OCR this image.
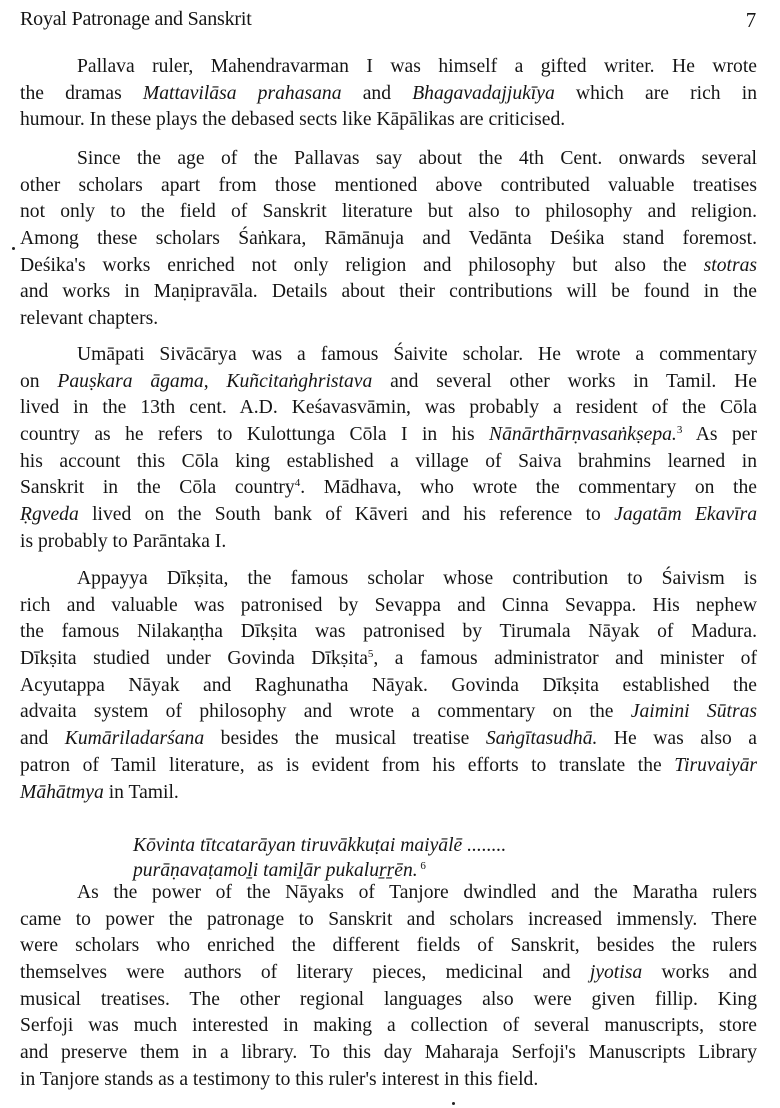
Royal Patronage and Sanskrit	7
Pallava ruler, Mahendravarman I was himself a gifted writer. He wrote
the dramas Mattavilāsa prahasana and Bhagavadajjukīya which are rich in
humour. In these plays the debased sects like Kāpālikas are criticised.
Since the age of the Pallavas say about the 4th Cent. onwards several
other scholars apart from those mentioned above contributed valuable treatises
not only to the field of Sanskrit literature but also to philosophy and religion.
Among these scholars Śaṅkara, Rāmānuja and Vedānta Deśika stand foremost.
Deśika's works enriched not only religion and philosophy but also the stotras
and works in Maṇipravāla. Details about their contributions will be found in the
relevant chapters.
Umāpati Sivācārya was a famous Śaivite scholar. He wrote a commentary
on Pauṣkara āgama, Kuñcitaṅghristava and several other works in Tamil. He
lived in the 13th cent. A.D. Keśavasvāmin, was probably a resident of the Cōla
country as he refers to Kulottunga Cōla I in his Nānārthārṇvasaṅkṣepa.$^3$ As per
his account this Cōla king established a village of Saiva brahmins learned in
Sanskrit in the Cōla country$^4$. Mādhava, who wrote the commentary on the
Ṛgveda lived on the South bank of Kāveri and his reference to Jagatām Ekavīra
is probably to Parāntaka I.
Appayya Dīkṣita, the famous scholar whose contribution to Śaivism is
rich and valuable was patronised by Sevappa and Cinna Sevappa. His nephew
the famous Nilakaṇṭha Dīkṣita was patronised by Tirumala Nāyak of Madura.
Dīkṣita studied under Govinda Dīkṣita$^5$, a famous administrator and minister of
Acyutappa Nāyak and Raghunatha Nāyak. Govinda Dīkṣita established the
advaita system of philosophy and wrote a commentary on the Jaimini Sūtras
and Kumāriladarśana besides the musical treatise Saṅgītasudhā. He was also a
patron of Tamil literature, as is evident from his efforts to translate the Tiruvaiyār
Māhātmya in Tamil.
Kōvinta tītcatarāyan tiruvākkuṭai maiyālē ........
purāṇavaṭamoḻi tamiḻār pukaluṟṟēn. $^6$
As the power of the Nāyaks of Tanjore dwindled and the Maratha rulers
came to power the patronage to Sanskrit and scholars increased immensly. There
were scholars who enriched the different fields of Sanskrit, besides the rulers
themselves were authors of literary pieces, medicinal and jyotisa works and
musical treatises. The other regional languages also were given fillip. King
Serfoji was much interested in making a collection of several manuscripts, store
and preserve them in a library. To this day Maharaja Serfoji's Manuscripts Library
in Tanjore stands as a testimony to this ruler's interest in this field.
